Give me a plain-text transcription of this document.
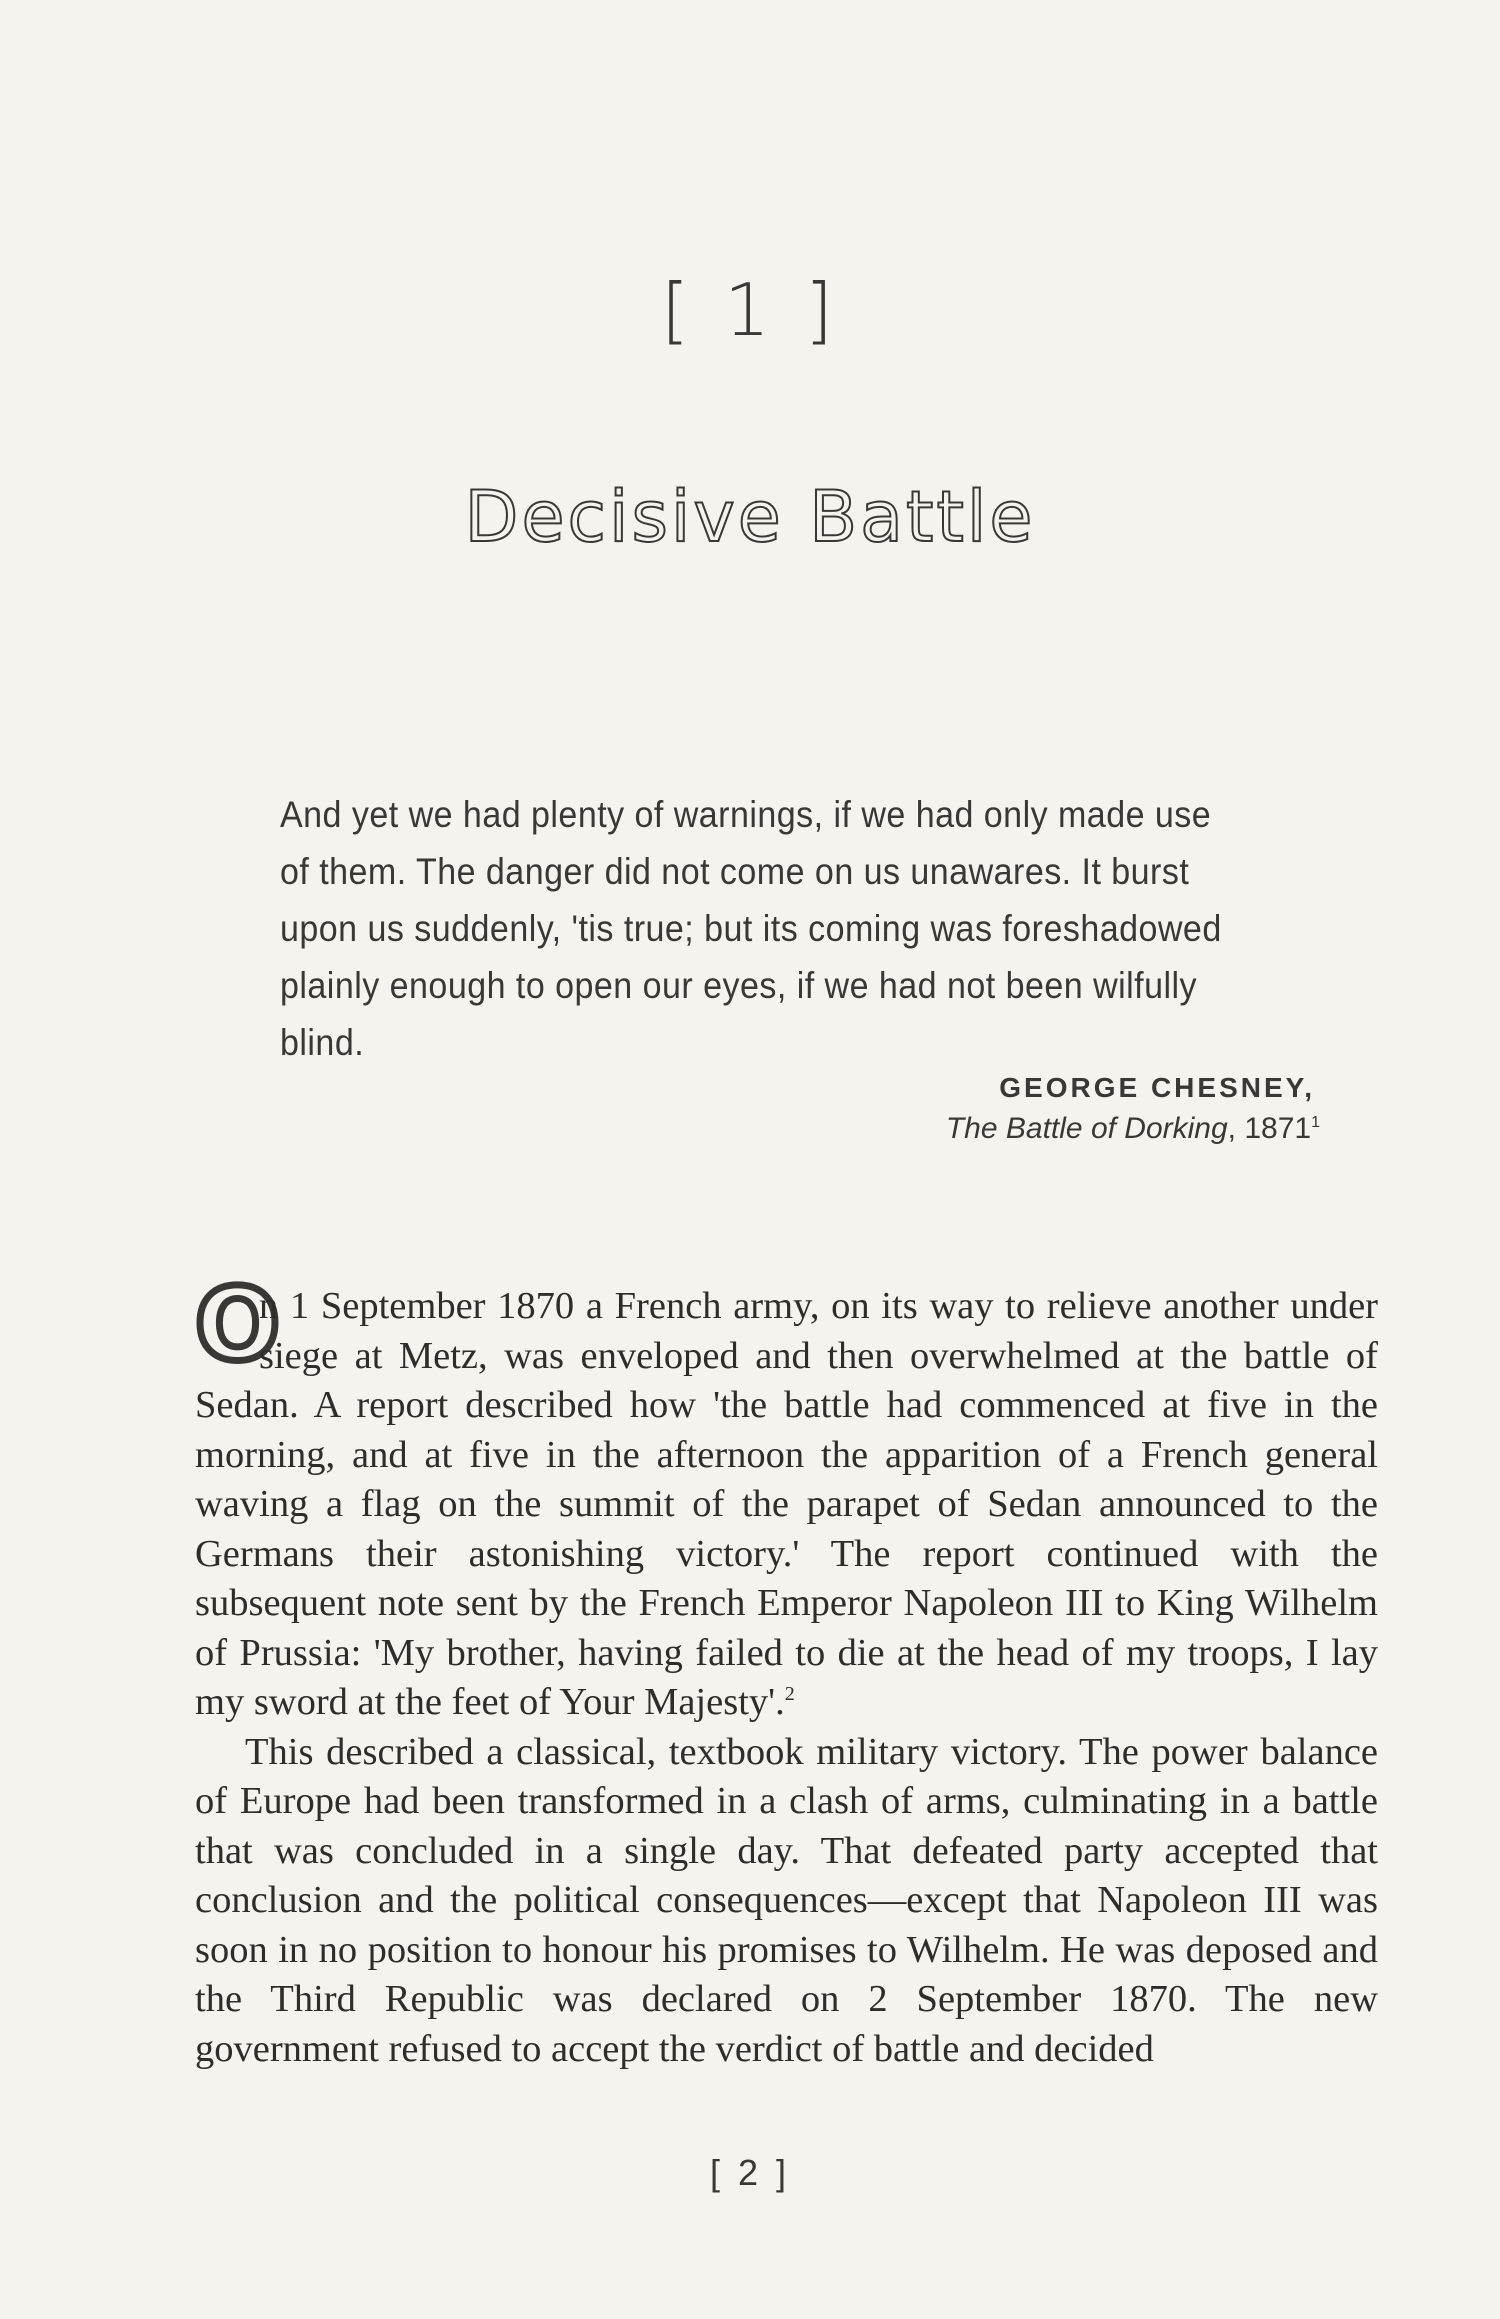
[ 1 ]
Decisive Battle
And yet we had plenty of warnings, if we had only made use of them. The danger did not come on us unawares. It burst upon us suddenly, 'tis true; but its coming was foreshadowed plainly enough to open our eyes, if we had not been wilfully blind.
GEORGE CHESNEY,
The Battle of Dorking, 1871$^1$

O
n 1 September 1870 a French army, on its way to relieve another under siege at Metz, was enveloped and then overwhelmed at the battle of Sedan. A report described how 'the battle had commenced at five in the morning, and at five in the afternoon the apparition of a French general waving a flag on the summit of the parapet of Sedan announced to the Germans their astonishing victory.' The report continued with the subsequent note sent by the French Emperor Napoleon III to King Wilhelm of Prussia: 'My brother, having failed to die at the head of my troops, I lay my sword at the feet of Your Majesty'.$^2$

This described a classical, textbook military victory. The power balance of Europe had been transformed in a clash of arms, culminating in a battle that was concluded in a single day. That defeated party accepted that conclusion and the political consequences—except that Napoleon III was soon in no position to honour his promises to Wilhelm. He was deposed and the Third Republic was declared on 2 September 1870. The new government refused to accept the verdict of battle and decided

[ 2 ]
